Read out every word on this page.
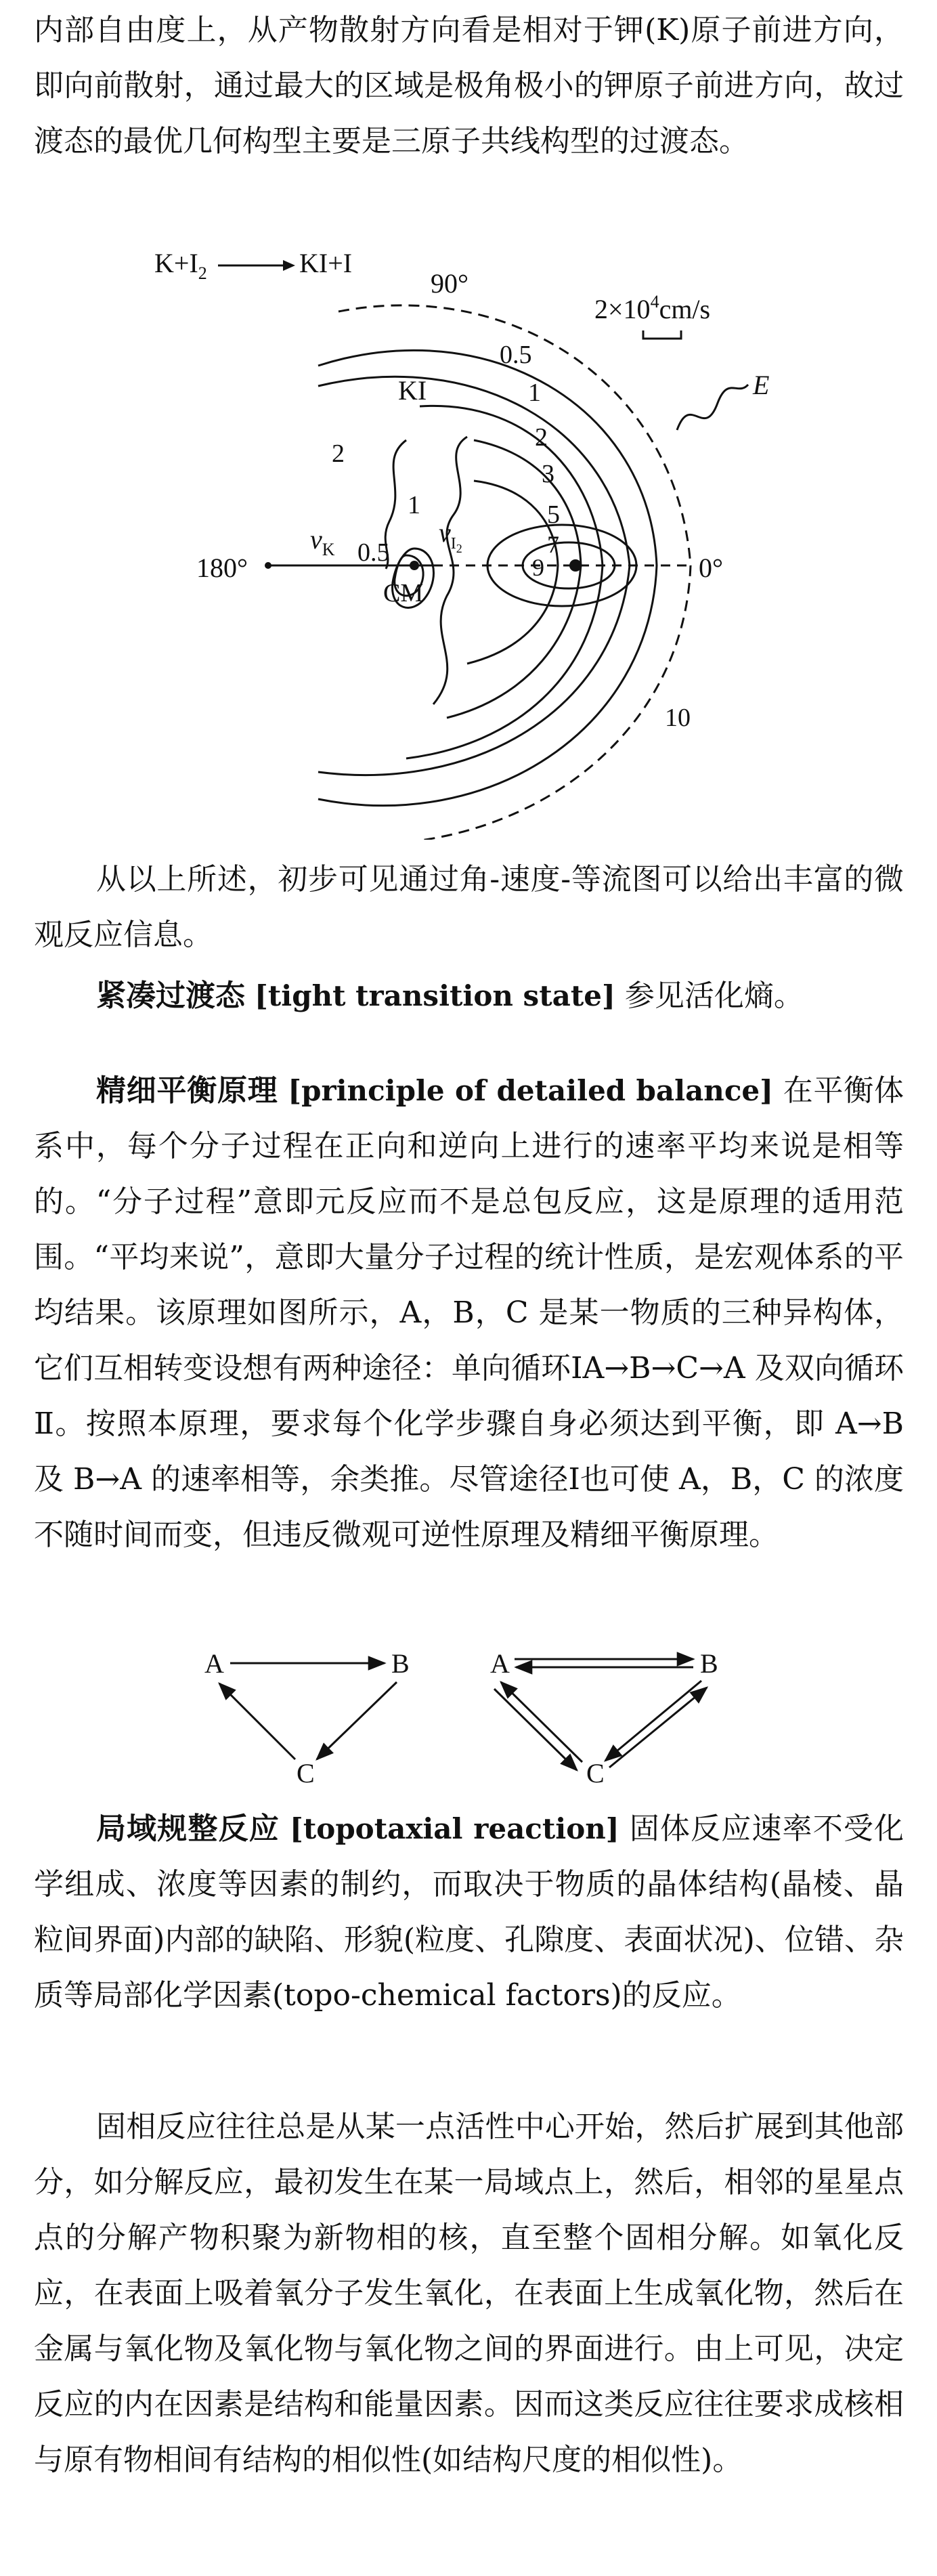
内部自由度上，从产物散射方向看是相对于钾(K)原子前进方向，即向前散射，通过最大的区域是极角极小的钾原子前进方向，故过渡态的最优几何构型主要是三原子共线构型的过渡态。

$K+I_2$	KI+I
90°
$2\times 10^4cm/s$
E
0.5
1
2
3
5
7
9
2
1
0.5
10
KI
180°	0°
$v_K$
$v_I2$
CM

从以上所述，初步可见通过角-速度-等流图可以给出丰富的微观反应信息。

紧凑过渡态 [tight transition state] 参见活化熵。

精细平衡原理 [principle of detailed balance] 在平衡体系中，每个分子过程在正向和逆向上进行的速率平均来说是相等的。“分子过程”意即元反应而不是总包反应，这是原理的适用范围。“平均来说”，意即大量分子过程的统计性质，是宏观体系的平均结果。该原理如图所示，A，B，C 是某一物质的三种异构体，它们互相转变设想有两种途径：单向循环ⅠA→B→C→A 及双向循环Ⅱ。按照本原理，要求每个化学步骤自身必须达到平衡，即 A→B 及 B→A 的速率相等，余类推。尽管途径Ⅰ也可使 A，B，C 的浓度不随时间而变，但违反微观可逆性原理及精细平衡原理。

A	B
C
A	B
C

局域规整反应 [topotaxial reaction] 固体反应速率不受化学组成、浓度等因素的制约，而取决于物质的晶体结构(晶棱、晶粒间界面)内部的缺陷、形貌(粒度、孔隙度、表面状况)、位错、杂质等局部化学因素(topo-chemical factors)的反应。

固相反应往往总是从某一点活性中心开始，然后扩展到其他部分，如分解反应，最初发生在某一局域点上，然后，相邻的星星点点的分解产物积聚为新物相的核，直至整个固相分解。如氧化反应，在表面上吸着氧分子发生氧化，在表面上生成氧化物，然后在金属与氧化物及氧化物与氧化物之间的界面进行。由上可见，决定反应的内在因素是结构和能量因素。因而这类反应往往要求成核相与原有物相间有结构的相似性(如结构尺度的相似性)。
